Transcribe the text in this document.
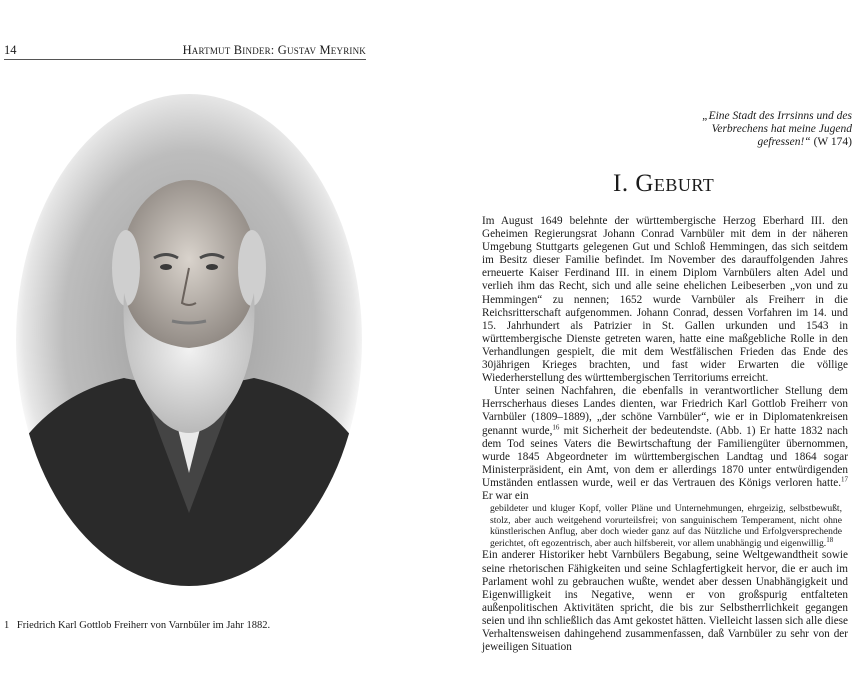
14	Hartmut Binder: Gustav Meyrink
1 Friedrich Karl Gottlob Freiherr von Varnbüler im Jahr 1882.
„Eine Stadt des Irrsinns und des Verbrechens hat meine Jugend gefressen!“ (W 174)
I. Geburt

Im August 1649 belehnte der württembergische Herzog Eberhard III. den Geheimen Regierungsrat Johann Conrad Varnbüler mit dem in der näheren Umgebung Stuttgarts gelegenen Gut und Schloß Hemmingen, das sich seitdem im Besitz dieser Familie befindet. Im November des darauffolgenden Jahres erneuerte Kaiser Ferdinand III. in einem Diplom Varnbülers alten Adel und verlieh ihm das Recht, sich und alle seine ehelichen Leibeserben „von und zu Hemmingen“ zu nennen; 1652 wurde Varnbüler als Freiherr in die Reichsritterschaft aufgenommen. Johann Conrad, dessen Vorfahren im 14. und 15. Jahrhundert als Patrizier in St. Gallen urkunden und 1543 in württembergische Dienste getreten waren, hatte eine maßgebliche Rolle in den Verhandlungen gespielt, die mit dem Westfälischen Frieden das Ende des 30jährigen Krieges brachten, und fast wider Erwarten die völlige Wiederherstellung des württembergischen Territoriums erreicht.

Unter seinen Nachfahren, die ebenfalls in verantwortlicher Stellung dem Herrscherhaus dieses Landes dienten, war Friedrich Karl Gottlob Freiherr von Varnbüler (1809–1889), „der schöne Varnbüler“, wie er in Diplomatenkreisen genannt wurde,$^{16}$ mit Sicherheit der bedeutendste. (Abb. 1) Er hatte 1832 nach dem Tod seines Vaters die Bewirtschaftung der Familiengüter übernommen, wurde 1845 Abgeordneter im württembergischen Landtag und 1864 sogar Ministerpräsident, ein Amt, von dem er allerdings 1870 unter entwürdigenden Umständen entlassen wurde, weil er das Vertrauen des Königs verloren hatte.$^{17}$ Er war ein

gebildeter und kluger Kopf, voller Pläne und Unternehmungen, ehrgeizig, selbstbewußt, stolz, aber auch weitgehend vorurteilsfrei; von sanguinischem Temperament, nicht ohne künstlerischen Anflug, aber doch wieder ganz auf das Nützliche und Erfolgversprechende gerichtet, oft egozentrisch, aber auch hilfsbereit, vor allem unabhängig und eigenwillig.$^{18}$

Ein anderer Historiker hebt Varnbülers Begabung, seine Weltgewandtheit sowie seine rhetorischen Fähigkeiten und seine Schlagfertigkeit hervor, die er auch im Parlament wohl zu gebrauchen wußte, wendet aber dessen Unabhängigkeit und Eigenwilligkeit ins Negative, wenn er von großspurig entfalteten außenpolitischen Aktivitäten spricht, die bis zur Selbstherrlichkeit gegangen seien und ihn schließlich das Amt gekostet hätten. Vielleicht lassen sich alle diese Verhaltensweisen dahingehend zusammenfassen, daß Varnbüler zu sehr von der jeweiligen Situation
